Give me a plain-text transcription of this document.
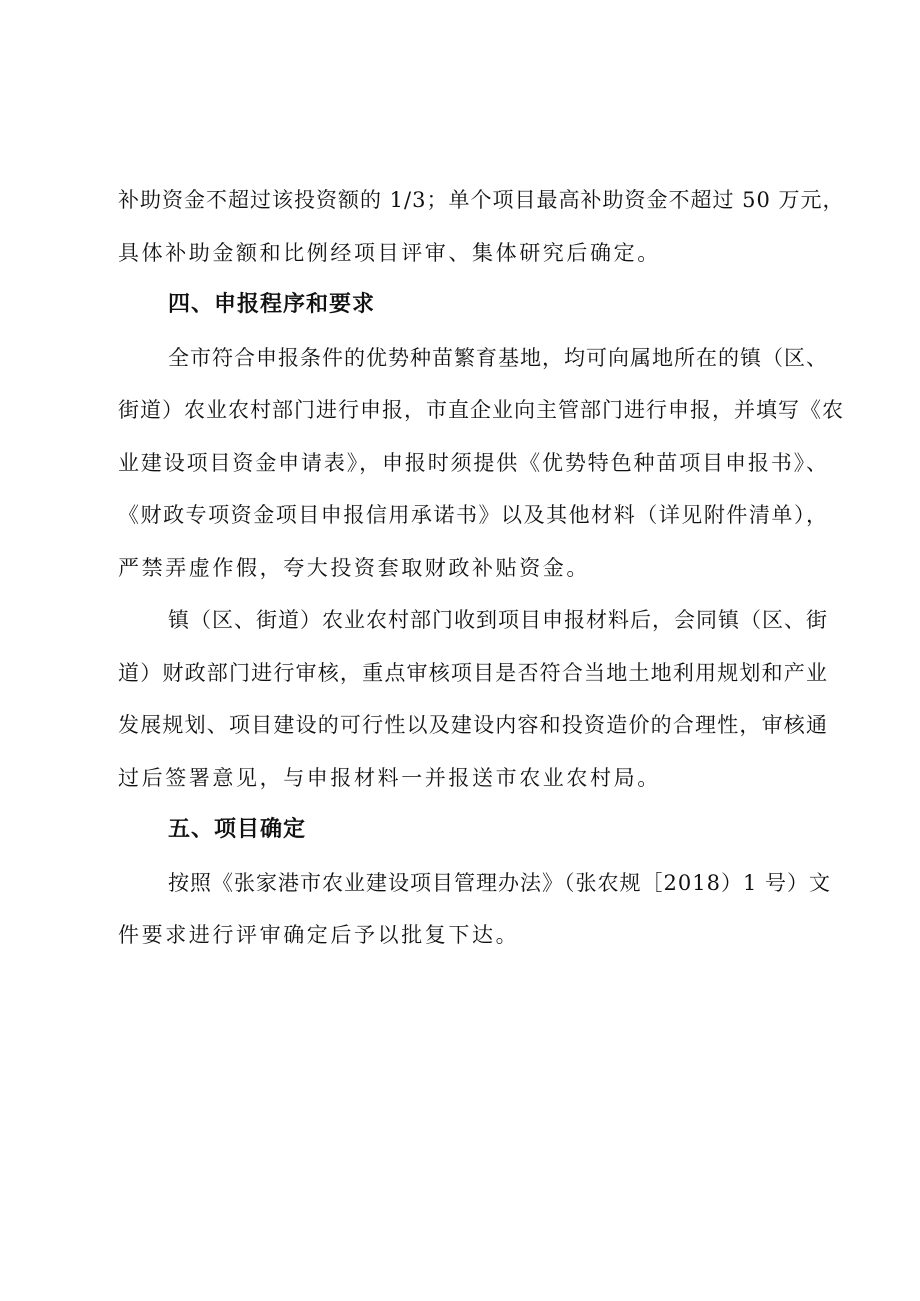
补助资金不超过该投资额的 1/3；单个项目最高补助资金不超过 50 万元，
具体补助金额和比例经项目评审、集体研究后确定。
四、申报程序和要求
全市符合申报条件的优势种苗繁育基地，均可向属地所在的镇（区、
街道）农业农村部门进行申报，市直企业向主管部门进行申报，并填写《农
业建设项目资金申请表》，申报时须提供《优势特色种苗项目申报书》、
《财政专项资金项目申报信用承诺书》以及其他材料（详见附件清单），
严禁弄虚作假，夸大投资套取财政补贴资金。
镇（区、街道）农业农村部门收到项目申报材料后，会同镇（区、街
道）财政部门进行审核，重点审核项目是否符合当地土地利用规划和产业
发展规划、项目建设的可行性以及建设内容和投资造价的合理性，审核通
过后签署意见，与申报材料一并报送市农业农村局。
五、项目确定
按照《张家港市农业建设项目管理办法》（张农规［2018）1 号）文
件要求进行评审确定后予以批复下达。
